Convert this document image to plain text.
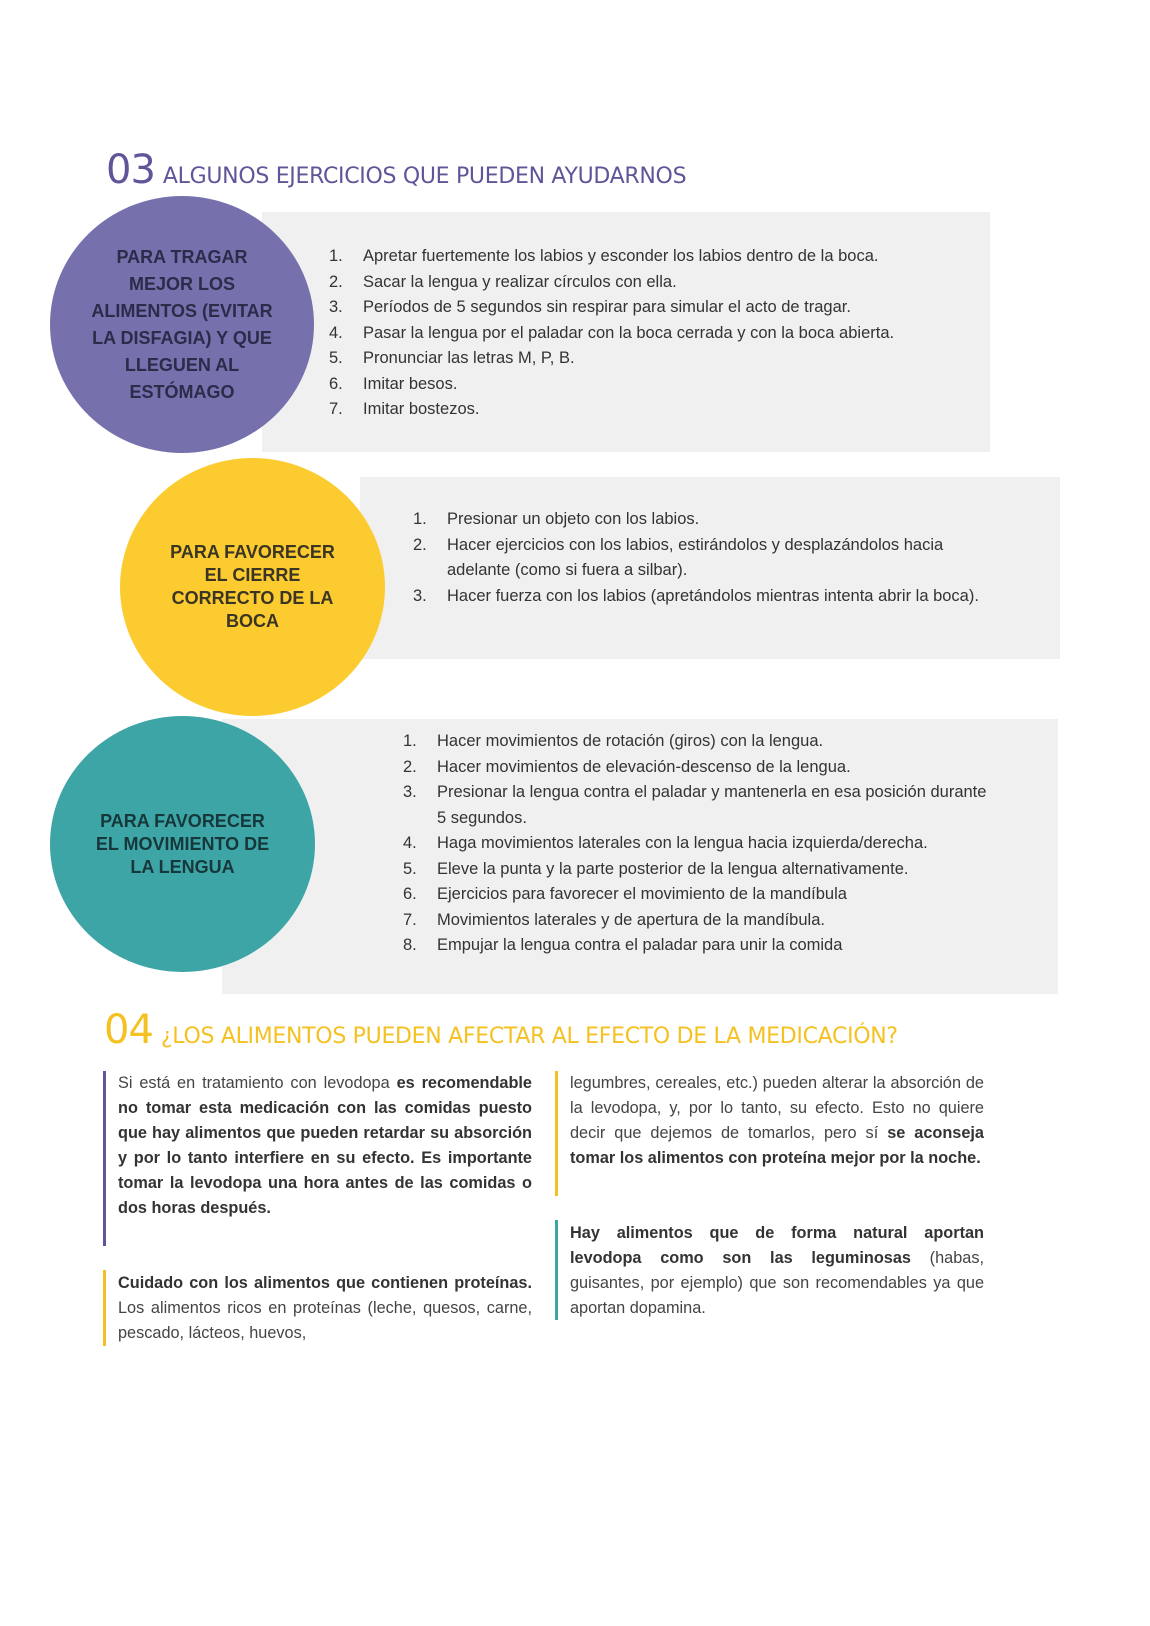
03 ALGUNOS EJERCICIOS QUE PUEDEN AYUDARNOS
PARA TRAGAR
MEJOR LOS
ALIMENTOS (EVITAR
LA DISFAGIA) Y QUE
LLEGUEN AL
ESTÓMAGO
1. Apretar fuertemente los labios y esconder los labios dentro de la boca.
2. Sacar la lengua y realizar círculos con ella.
3. Períodos de 5 segundos sin respirar para simular el acto de tragar.
4. Pasar la lengua por el paladar con la boca cerrada y con la boca abierta.
5. Pronunciar las letras M, P, B.
6. Imitar besos.
7. Imitar bostezos.
PARA FAVORECER
EL CIERRE
CORRECTO DE LA
BOCA
1. Presionar un objeto con los labios.
2. Hacer ejercicios con los labios, estirándolos y desplazándolos hacia adelante (como si fuera a silbar).
3. Hacer fuerza con los labios (apretándolos mientras intenta abrir la boca).
PARA FAVORECER
EL MOVIMIENTO DE
LA LENGUA
1. Hacer movimientos de rotación (giros) con la lengua.
2. Hacer movimientos de elevación-descenso de la lengua.
3. Presionar la lengua contra el paladar y mantenerla en esa posición durante 5 segundos.
4. Haga movimientos laterales con la lengua hacia izquierda/derecha.
5. Eleve la punta y la parte posterior de la lengua alternativamente.
6. Ejercicios para favorecer el movimiento de la mandíbula
7. Movimientos laterales y de apertura de la mandíbula.
8. Empujar la lengua contra el paladar para unir la comida
04 ¿LOS ALIMENTOS PUEDEN AFECTAR AL EFECTO DE LA MEDICACIÓN?
Si está en tratamiento con levodopa es recomendable no tomar esta medicación con las comidas puesto que hay alimentos que pueden retardar su absorción y por lo tanto interfiere en su efecto. Es importante tomar la levodopa una hora antes de las comidas o dos horas después.
Cuidado con los alimentos que contienen proteínas. Los alimentos ricos en proteínas (leche, quesos, carne, pescado, lácteos, huevos,
legumbres, cereales, etc.) pueden alterar la absorción de la levodopa, y, por lo tanto, su efecto. Esto no quiere decir que dejemos de tomarlos, pero sí se aconseja tomar los alimentos con proteína mejor por la noche.
Hay alimentos que de forma natural aportan levodopa como son las leguminosas (habas, guisantes, por ejemplo) que son recomendables ya que aportan dopamina.
